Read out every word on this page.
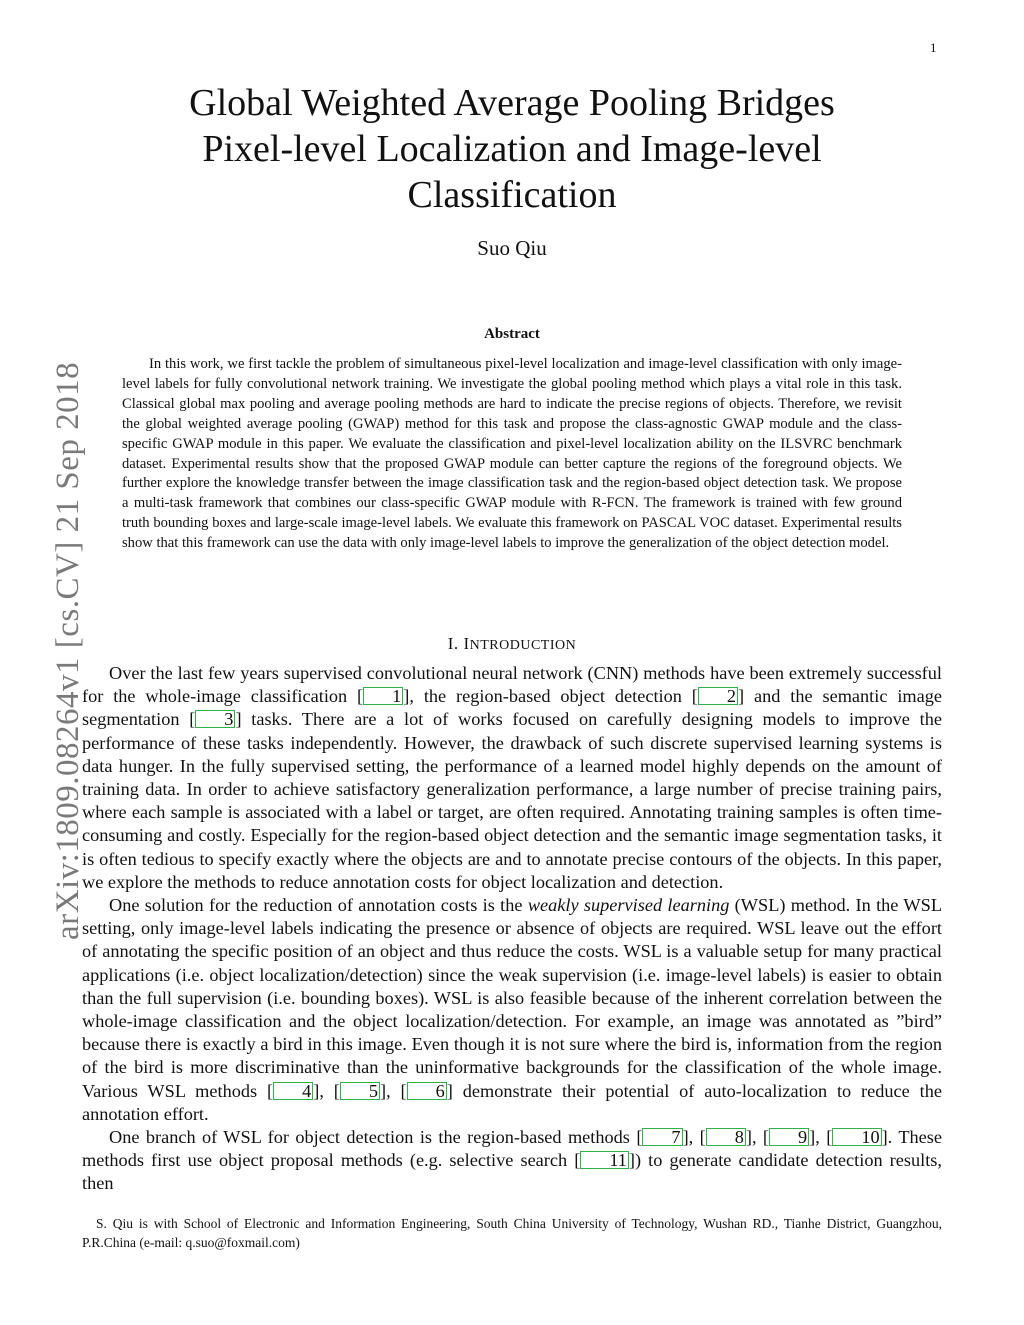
1
arXiv:1809.08264v1 [cs.CV] 21 Sep 2018
Global Weighted Average Pooling Bridges Pixel-level Localization and Image-level Classification
Suo Qiu
Abstract

In this work, we first tackle the problem of simultaneous pixel-level localization and image-level classification with only image-level labels for fully convolutional network training. We investigate the global pooling method which plays a vital role in this task. Classical global max pooling and average pooling methods are hard to indicate the precise regions of objects. Therefore, we revisit the global weighted average pooling (GWAP) method for this task and propose the class-agnostic GWAP module and the class-specific GWAP module in this paper. We evaluate the classification and pixel-level localization ability on the ILSVRC benchmark dataset. Experimental results show that the proposed GWAP module can better capture the regions of the foreground objects. We further explore the knowledge transfer between the image classification task and the region-based object detection task. We propose a multi-task framework that combines our class-specific GWAP module with R-FCN. The framework is trained with few ground truth bounding boxes and large-scale image-level labels. We evaluate this framework on PASCAL VOC dataset. Experimental results show that this framework can use the data with only image-level labels to improve the generalization of the object detection model.

I. INTRODUCTION

Over the last few years supervised convolutional neural network (CNN) methods have been extremely successful for the whole-image classification [ 1 ], the region-based object detection [ 2 ] and the semantic image segmentation [ 3 ] tasks. There are a lot of works focused on carefully designing models to improve the performance of these tasks independently. However, the drawback of such discrete supervised learning systems is data hunger. In the fully supervised setting, the performance of a learned model highly depends on the amount of training data. In order to achieve satisfactory generalization performance, a large number of precise training pairs, where each sample is associated with a label or target, are often required. Annotating training samples is often time-consuming and costly. Especially for the region-based object detection and the semantic image segmentation tasks, it is often tedious to specify exactly where the objects are and to annotate precise contours of the objects. In this paper, we explore the methods to reduce annotation costs for object localization and detection.

One solution for the reduction of annotation costs is the weakly supervised learning (WSL) method. In the WSL setting, only image-level labels indicating the presence or absence of objects are required. WSL leave out the effort of annotating the specific position of an object and thus reduce the costs. WSL is a valuable setup for many practical applications (i.e. object localization/detection) since the weak supervision (i.e. image-level labels) is easier to obtain than the full supervision (i.e. bounding boxes). WSL is also feasible because of the inherent correlation between the whole-image classification and the object localization/detection. For example, an image was annotated as ”bird” because there is exactly a bird in this image. Even though it is not sure where the bird is, information from the region of the bird is more discriminative than the uninformative backgrounds for the classification of the whole image. Various WSL methods [ 4 ], [ 5 ], [ 6 ] demonstrate their potential of auto-localization to reduce the annotation effort.

One branch of WSL for object detection is the region-based methods [ 7 ], [ 8 ], [ 9 ], [ 10 ]. These methods first use object proposal methods (e.g. selective search [ 11 ]) to generate candidate detection results, then

S. Qiu is with School of Electronic and Information Engineering, South China University of Technology, Wushan RD., Tianhe District, Guangzhou, P.R.China (e-mail: q.suo@foxmail.com)
